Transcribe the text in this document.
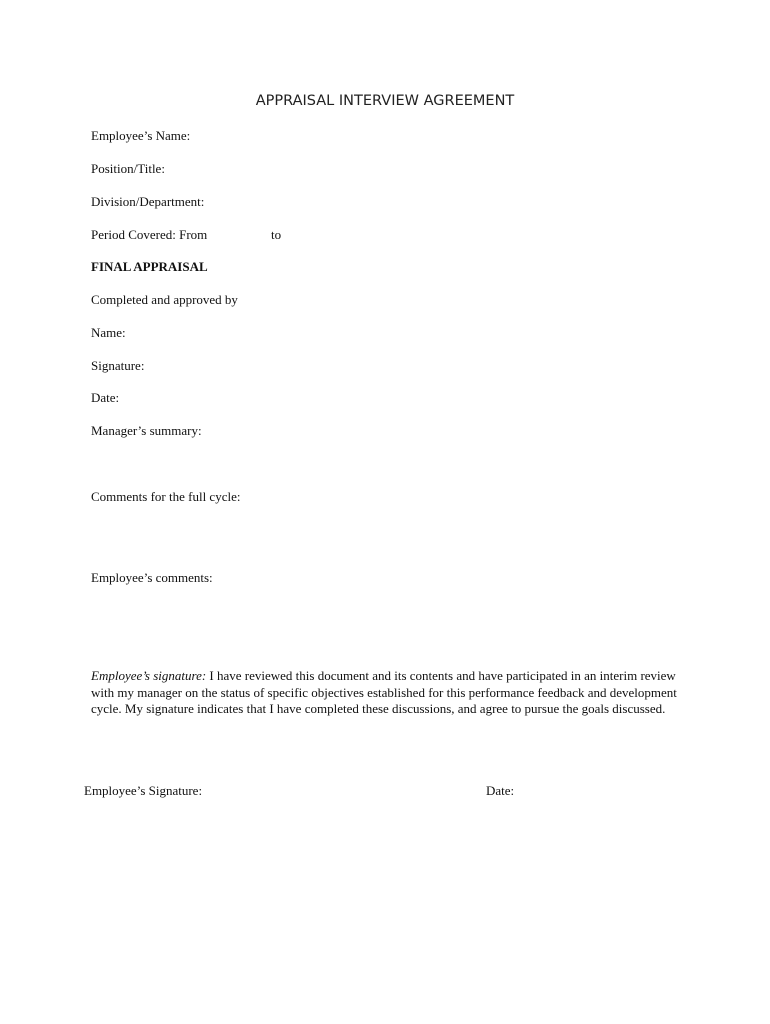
APPRAISAL INTERVIEW AGREEMENT
Employee’s Name:
Position/Title:
Division/Department:
Period Covered: From	to
FINAL APPRAISAL
Completed and approved by
Name:
Signature:
Date:
Manager’s summary:
Comments for the full cycle:
Employee’s comments:
Employee’s signature: I have reviewed this document and its contents and have participated in an interim review with my manager on the status of specific objectives established for this performance feedback and development cycle. My signature indicates that I have completed these discussions, and agree to pursue the goals discussed.
Employee’s Signature:	Date:
